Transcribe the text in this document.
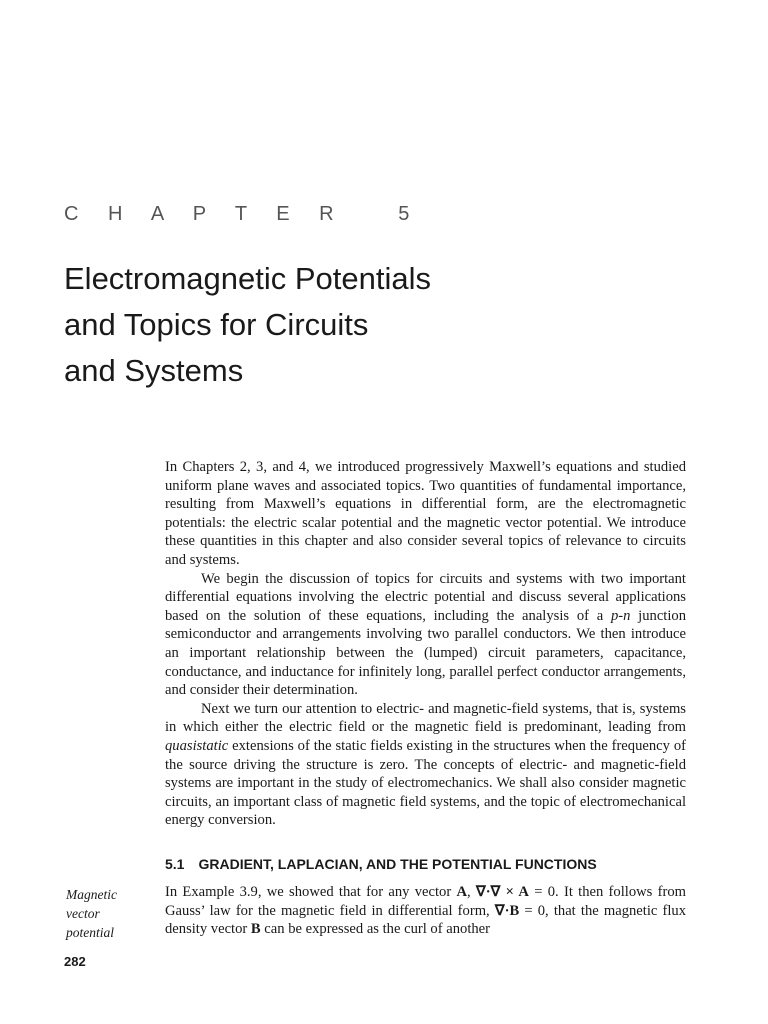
C H A P T E R   5
Electromagnetic Potentials
and Topics for Circuits
and Systems

In Chapters 2, 3, and 4, we introduced progressively Maxwell’s equations and studied uniform plane waves and associated topics. Two quantities of fundamental importance, resulting from Maxwell’s equations in differential form, are the electromagnetic potentials: the electric scalar potential and the magnetic vector potential. We introduce these quantities in this chapter and also consider several topics of relevance to circuits and systems.

We begin the discussion of topics for circuits and systems with two important differential equations involving the electric potential and discuss several applications based on the solution of these equations, including the analysis of a p-n junction semiconductor and arrangements involving two parallel conductors. We then introduce an important relationship between the (lumped) circuit parameters, capacitance, conductance, and inductance for infinitely long, parallel perfect conductor arrangements, and consider their determination.

Next we turn our attention to electric- and magnetic-field systems, that is, systems in which either the electric field or the magnetic field is predominant, leading from quasistatic extensions of the static fields existing in the structures when the frequency of the source driving the structure is zero. The concepts of electric- and magnetic-field systems are important in the study of electromechanics. We shall also consider magnetic circuits, an important class of magnetic field systems, and the topic of electromechanical energy conversion.

5.1 GRADIENT, LAPLACIAN, AND THE POTENTIAL FUNCTIONS
Magnetic
vector
potential

In Example 3.9, we showed that for any vector A, ∇·∇ × A = 0. It then follows from Gauss’ law for the magnetic field in differential form, ∇·B = 0, that the magnetic flux density vector B can be expressed as the curl of another

282
